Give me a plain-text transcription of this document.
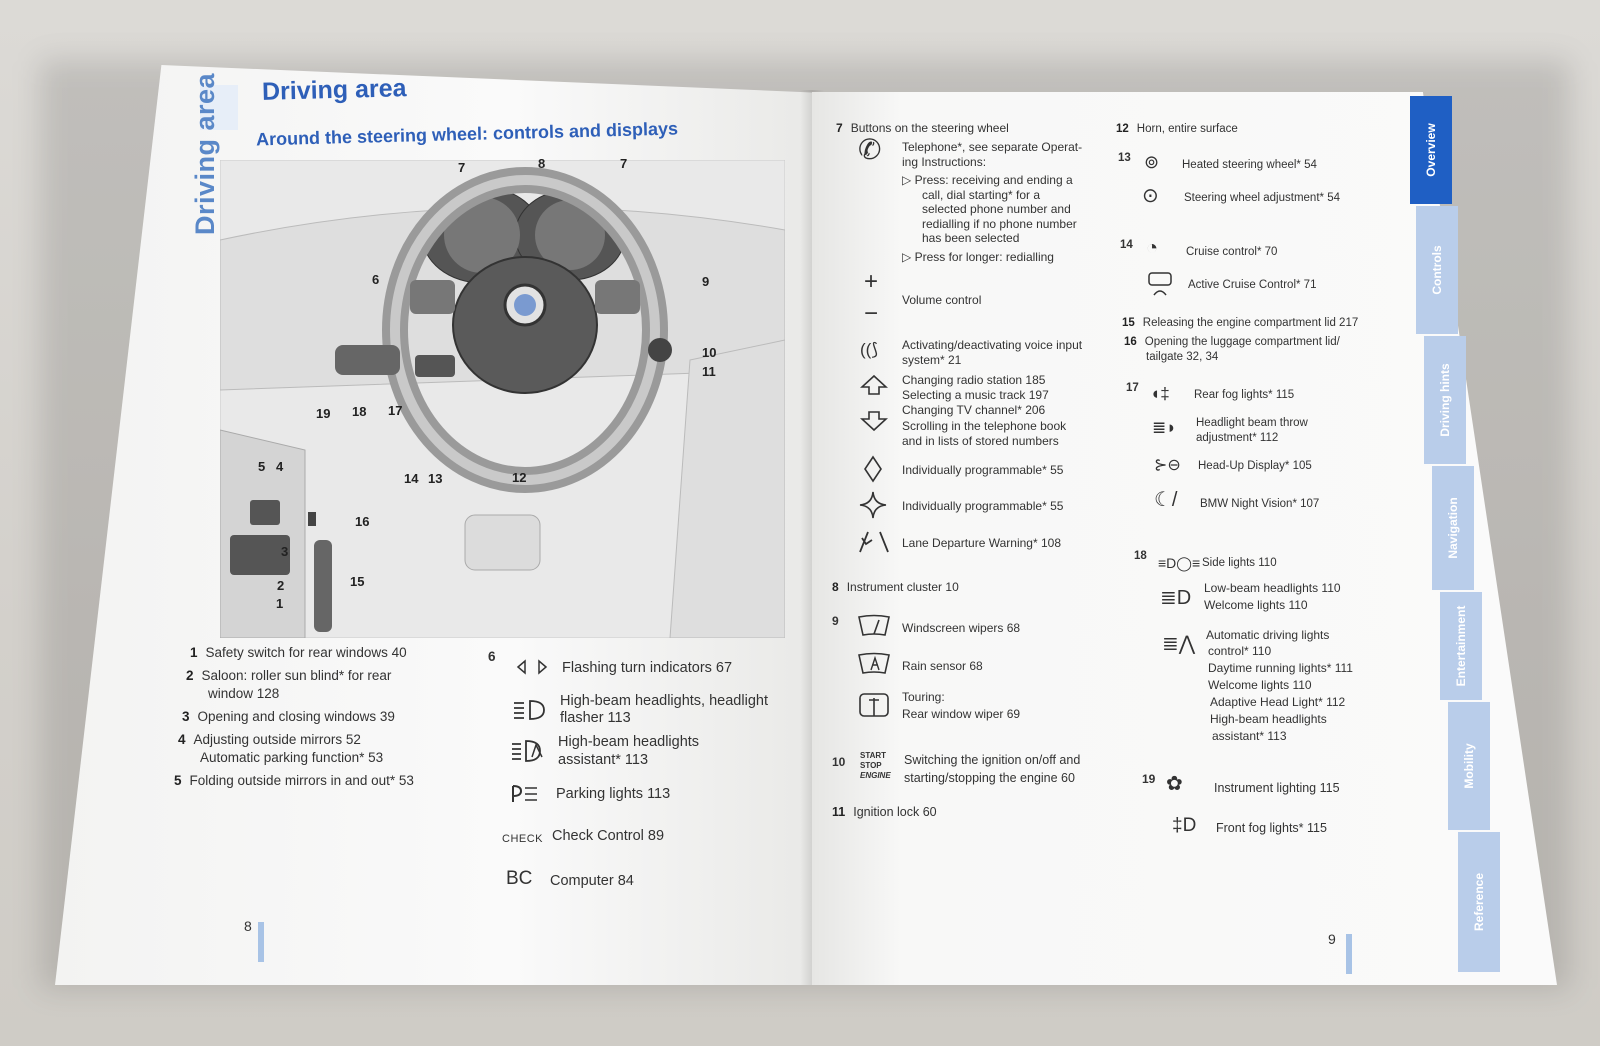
Driving area Driving area
Around the steering wheel: controls and displays
7	8	7
6	9
10
11
19 18 17
5 4
3
2
1
14 13	12
16
15
1 Safety switch for rear windows 40
2 Saloon: roller sun blind* for rear
window 128
3 Opening and closing windows 39
4 Adjusting outside mirrors 52
Automatic parking function* 53
5 Folding outside mirrors in and out* 53
6
Flashing turn indicators 67
High-beam headlights, headlight
flasher 113
High-beam headlights
assistant* 113
Parking lights 113
CHECK Check Control 89
BC Computer 84
8
7 Buttons on the steering wheel
✆ Telephone*, see separate Operat-
ing Instructions:
▷ Press: receiving and ending a
call, dial starting* for a
selected phone number and
redialling if no phone number
has been selected
▷ Press for longer: redialling
+
− Volume control
((⟆ Activating/deactivating voice input
system* 21
Changing radio station 185
Selecting a music track 197
Changing TV channel* 206
Scrolling in the telephone book
and in lists of stored numbers
Individually programmable* 55
Individually programmable* 55
Lane Departure Warning* 108
8 Instrument cluster 10
9	Windscreen wipers 68
Rain sensor 68
Touring:
Rear window wiper 69
10 START
STOP
ENGINE
Switching the ignition on/off and
starting/stopping the engine 60
11 Ignition lock 60
12 Horn, entire surface
13 ⊚ Heated steering wheel* 54
⊙ Steering wheel adjustment* 54
14 ◔ Cruise control* 70
Active Cruise Control* 71
15 Releasing the engine compartment lid 217
16 Opening the luggage compartment lid/
tailgate 32, 34
17 ◖‡ Rear fog lights* 115
≣◗ Headlight beam throw
adjustment* 112
⊱⊖ Head-Up Display* 105
☾/ BMW Night Vision* 107
18 ≡D◯≡ Side lights 110
≣D Low-beam headlights 110
Welcome lights 110
≣⋀ Automatic driving lights
control* 110
Daytime running lights* 111
Welcome lights 110
Adaptive Head Light* 112
High-beam headlights
assistant* 113
19 ✿ Instrument lighting 115
‡D Front fog lights* 115
Overview
Controls
Driving hints
Navigation
Entertainment
Mobility
Reference
9
